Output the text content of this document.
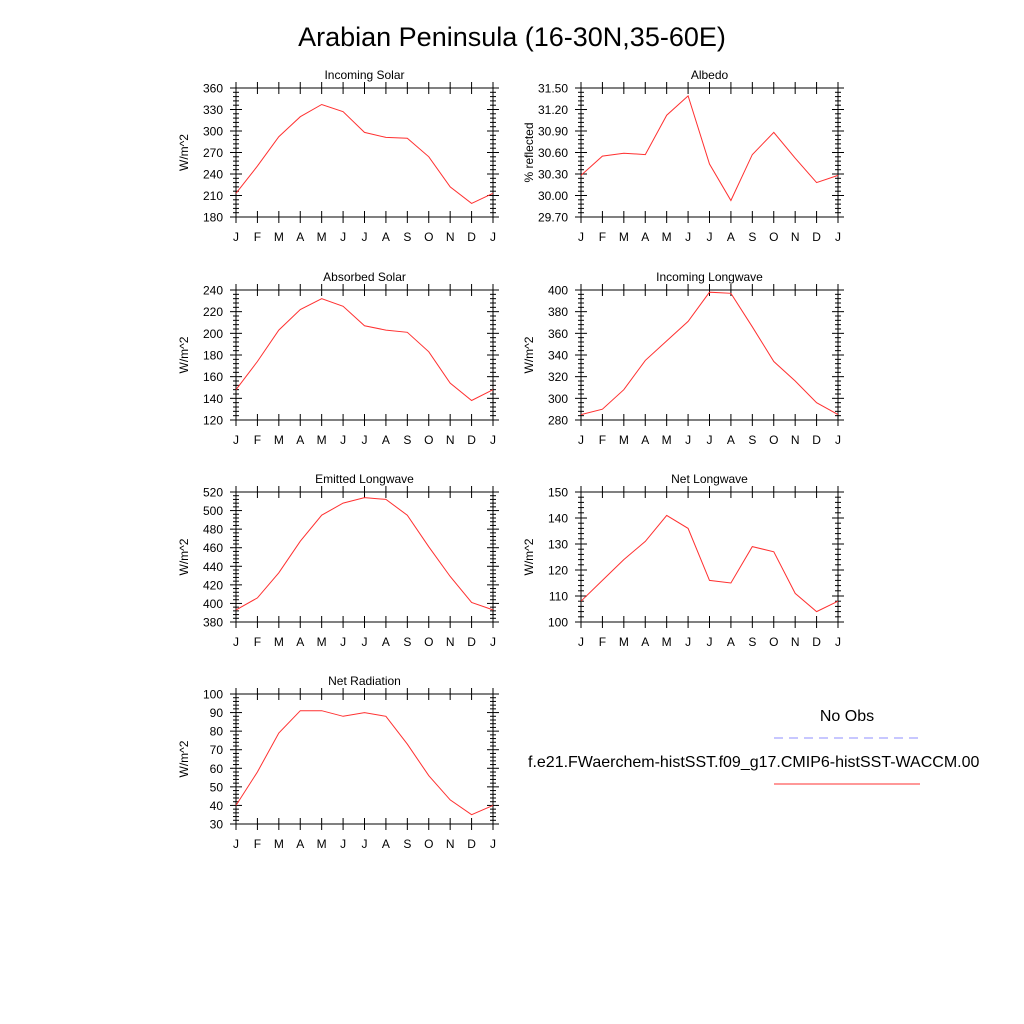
Arabian Peninsula (16-30N,35-60E)
Incoming Solar
J F M A M J J A S O N D J
180
210
240
270
300
330
360
W/m^2
Albedo
J F M A M J J A S O N D J
29.70
30.00
30.30
30.60
30.90
31.20
31.50
% reflected
Absorbed Solar
J F M A M J J A S O N D J
120
140
160
180
200
220
240
W/m^2
Incoming Longwave
J F M A M J J A S O N D J
280
300
320
340
360
380
400
W/m^2
Emitted Longwave
J F M A M J J A S O N D J
380
400
420
440
460
480
500
520
W/m^2
Net Longwave
J F M A M J J A S O N D J
100
110
120
130
140
150
W/m^2
Net Radiation
J F M A M J J A S O N D J
30
40
50
60
70
80
90
100
W/m^2
No Obs
f.e21.FWaerchem-histSST.f09_g17.CMIP6-histSST-WACCM.00
